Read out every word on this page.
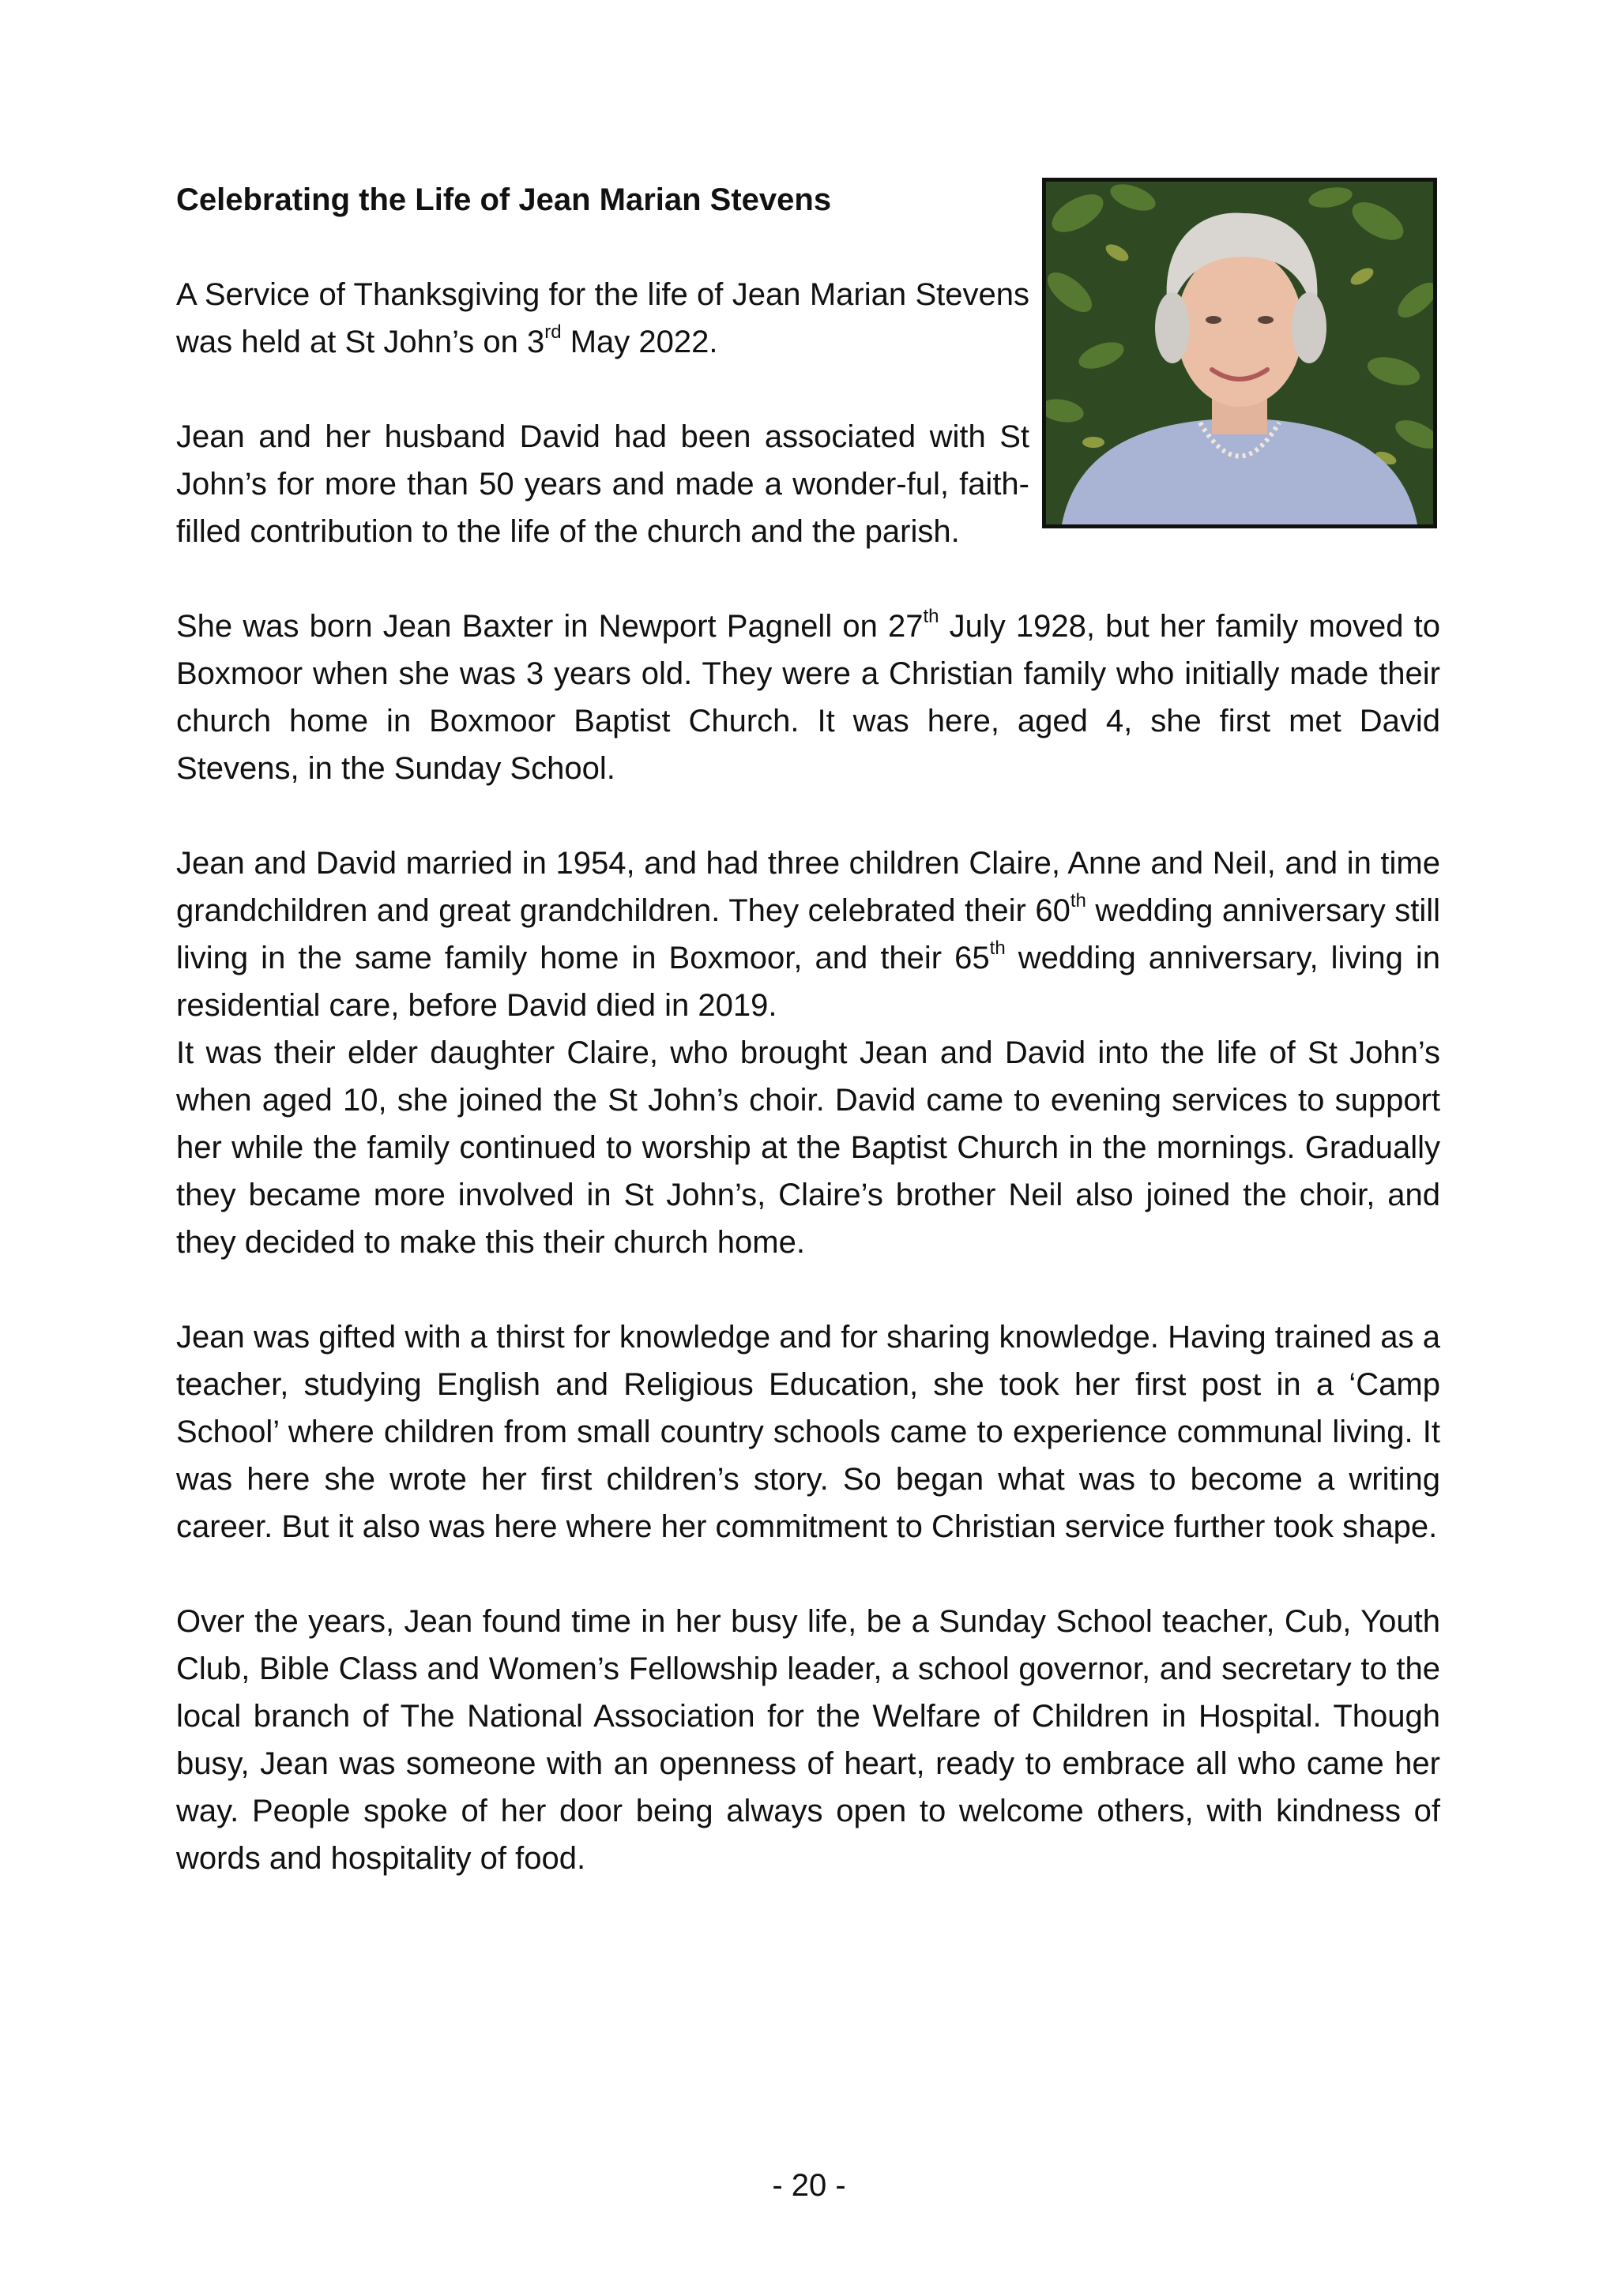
Celebrating the Life of Jean Marian Stevens

A Service of Thanksgiving for the life of Jean Marian Stevens was held at St John’s on 3rd May 2022.

Jean and her husband David had been associated with St John’s for more than 50 years and made a wonder-ful, faith-filled contribution to the life of the church and the parish.

She was born Jean Baxter in Newport Pagnell on 27th July 1928, but her family moved to Boxmoor when she was 3 years old. They were a Christian family who initially made their church home in Boxmoor Baptist Church. It was here, aged 4, she first met David Stevens, in the Sunday School.

Jean and David married in 1954, and had three children Claire, Anne and Neil, and in time grandchildren and great grandchildren. They celebrated their 60th wedding anniversary still living in the same family home in Boxmoor, and their 65th wedding anniversary, living in residential care, before David died in 2019.

It was their elder daughter Claire, who brought Jean and David into the life of St John’s when aged 10, she joined the St John’s choir. David came to evening services to support her while the family continued to worship at the Baptist Church in the mornings. Gradually they became more involved in St John’s, Claire’s brother Neil also joined the choir, and they decided to make this their church home.

Jean was gifted with a thirst for knowledge and for sharing knowledge. Having trained as a teacher, studying English and Religious Education, she took her first post in a ‘Camp School’ where children from small country schools came to experience communal living. It was here she wrote her first children’s story. So began what was to become a writing career. But it also was here where her commitment to Christian service further took shape.

Over the years, Jean found time in her busy life, be a Sunday School teacher, Cub, Youth Club, Bible Class and Women’s Fellowship leader, a school governor, and secretary to the local branch of The National Association for the Welfare of Children in Hospital. Though busy, Jean was someone with an openness of heart, ready to embrace all who came her way. People spoke of her door being always open to welcome others, with kindness of words and hospitality of food.

- 20 -
